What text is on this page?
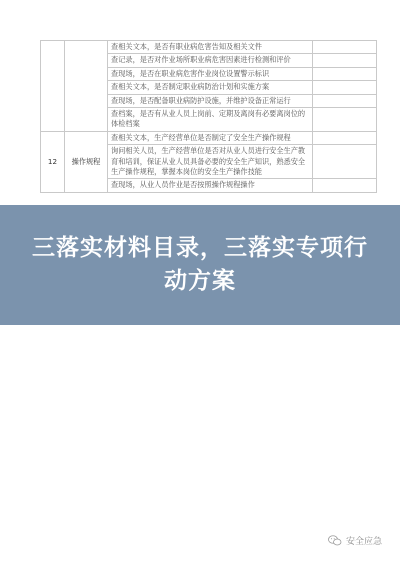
		查相关文本，是否有职业病危害告知及相关文件	
		查记录，是否对作业场所职业病危害因素进行检测和评价	
		查现场，是否在职业病危害作业岗位设置警示标识	
		查相关文本，是否制定职业病防治计划和实施方案	
		查现场，是否配备职业病防护设施，并维护设备正常运行	
		查档案，是否有从业人员上岗前、定期及离岗有必要离岗位的体检档案	
12	操作规程	查相关文本，生产经营单位是否制定了安全生产操作规程	
		询问相关人员，生产经营单位是否对从业人员进行安全生产教育和培训，保证从业人员具备必要的安全生产知识，熟悉安全生产操作规程，掌握本岗位的安全生产操作技能	
		查现场，从业人员作业是否按照操作规程操作	
三落实材料目录，三落实专项行动方案
安全应急
